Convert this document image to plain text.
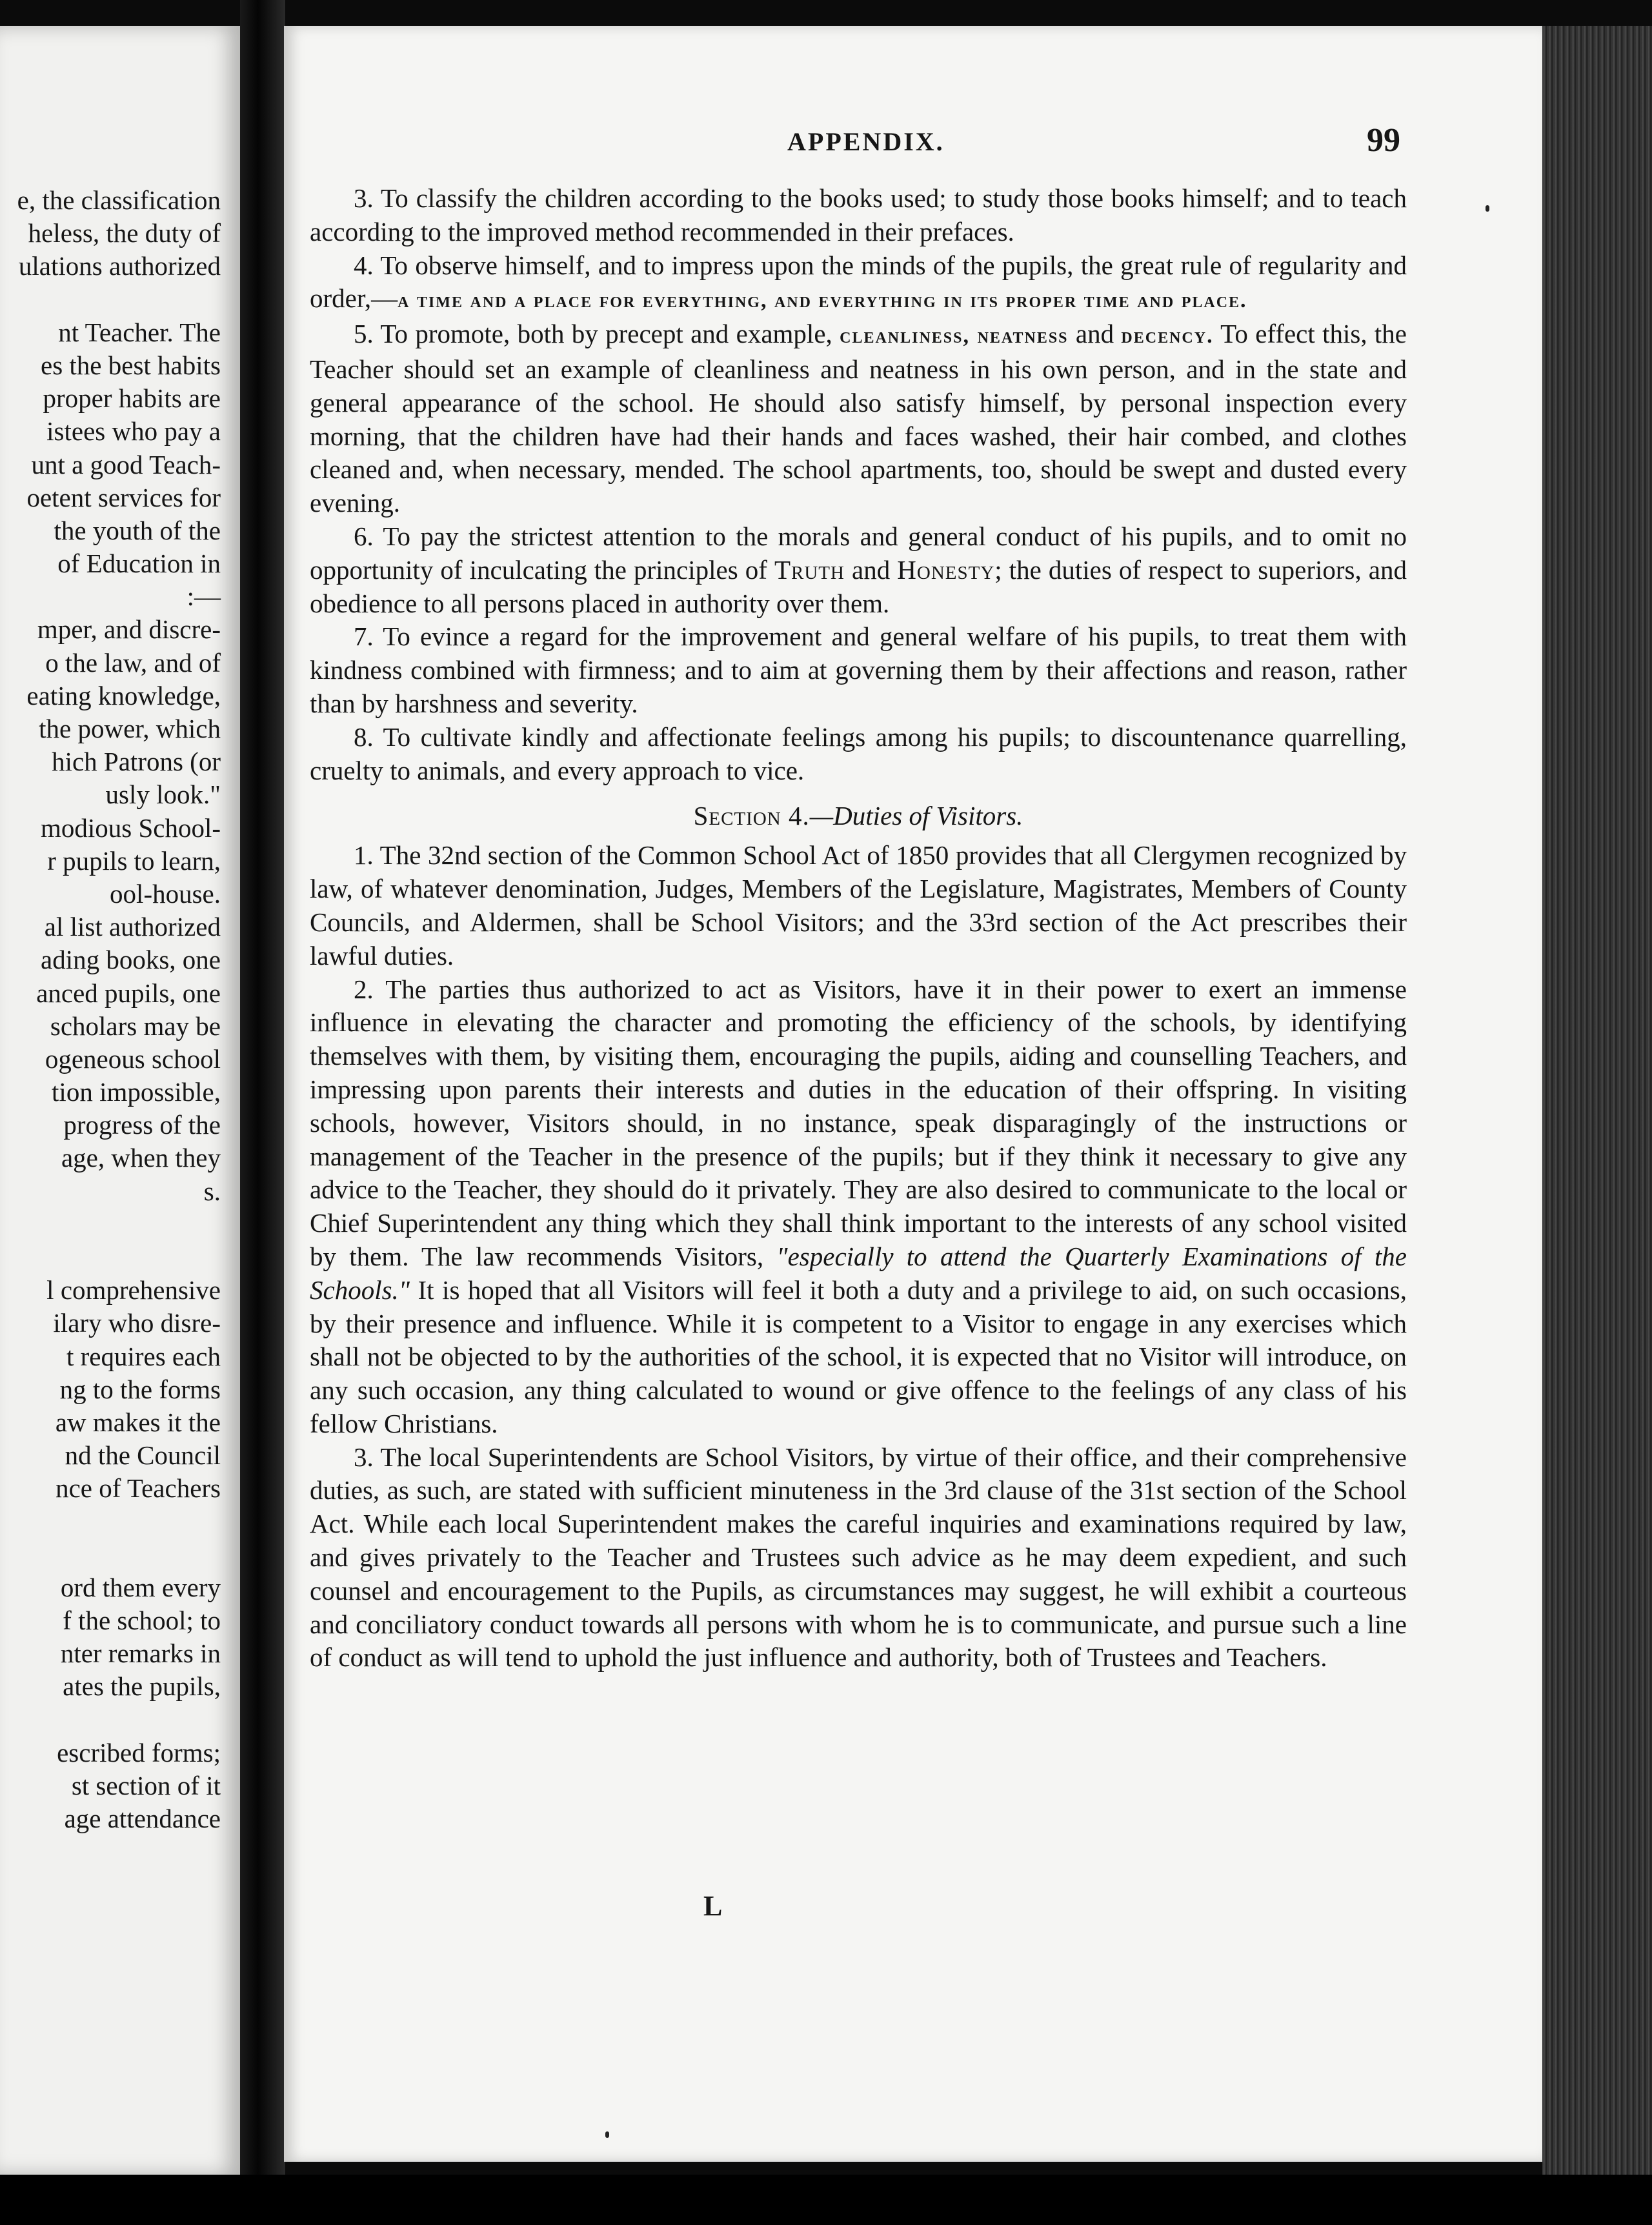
e, the classification
heless, the duty of
ulations authorized
nt Teacher. The
es the best habits
proper habits are
istees who pay a
unt a good Teach-
oetent services for
the youth of the
of Education in
:—
mper, and discre-
o the law, and of
eating knowledge,
the power, which
hich Patrons (or
usly look."
modious School-
r pupils to learn,
ool-house.
al list authorized
ading books, one
anced pupils, one
scholars may be
ogeneous school
tion impossible,
progress of the
age, when they
s.
l comprehensive
ilary who disre-
t requires each
ng to the forms
aw makes it the
nd the Council
nce of Teachers
ord them every
f the school; to
nter remarks in
ates the pupils,
escribed forms;
st section of it
age attendance
APPENDIX.	99

3. To classify the children according to the books used; to study those books himself; and to teach according to the improved method recommended in their prefaces.

4. To observe himself, and to impress upon the minds of the pupils, the great rule of regularity and order,—a time and a place for everything, and everything in its proper time and place.

5. To promote, both by precept and example, cleanliness, neatness and decency. To effect this, the Teacher should set an example of cleanliness and neatness in his own person, and in the state and general appearance of the school. He should also satisfy himself, by personal inspection every morning, that the children have had their hands and faces washed, their hair combed, and clothes cleaned and, when necessary, mended. The school apartments, too, should be swept and dusted every evening.

6. To pay the strictest attention to the morals and general conduct of his pupils, and to omit no opportunity of inculcating the principles of Truth and Honesty; the duties of respect to superiors, and obedience to all persons placed in authority over them.

7. To evince a regard for the improvement and general welfare of his pupils, to treat them with kindness combined with firmness; and to aim at governing them by their affections and reason, rather than by harshness and severity.

8. To cultivate kindly and affectionate feelings among his pupils; to discountenance quarrelling, cruelty to animals, and every approach to vice.

Section 4.—Duties of Visitors.

1. The 32nd section of the Common School Act of 1850 provides that all Clergymen recognized by law, of whatever denomination, Judges, Members of the Legislature, Magistrates, Members of County Councils, and Aldermen, shall be School Visitors; and the 33rd section of the Act prescribes their lawful duties.

2. The parties thus authorized to act as Visitors, have it in their power to exert an immense influence in elevating the character and promoting the efficiency of the schools, by identifying themselves with them, by visiting them, encouraging the pupils, aiding and counselling Teachers, and impressing upon parents their interests and duties in the education of their offspring. In visiting schools, however, Visitors should, in no instance, speak disparagingly of the instructions or management of the Teacher in the presence of the pupils; but if they think it necessary to give any advice to the Teacher, they should do it privately. They are also desired to communicate to the local or Chief Superintendent any thing which they shall think important to the interests of any school visited by them. The law recommends Visitors, "especially to attend the Quarterly Examinations of the Schools." It is hoped that all Visitors will feel it both a duty and a privilege to aid, on such occasions, by their presence and influence. While it is competent to a Visitor to engage in any exercises which shall not be objected to by the authorities of the school, it is expected that no Visitor will introduce, on any such occasion, any thing calculated to wound or give offence to the feelings of any class of his fellow Christians.

3. The local Superintendents are School Visitors, by virtue of their office, and their comprehensive duties, as such, are stated with sufficient minuteness in the 3rd clause of the 31st section of the School Act. While each local Superintendent makes the careful inquiries and examinations required by law, and gives privately to the Teacher and Trustees such advice as he may deem expedient, and such counsel and encouragement to the Pupils, as circumstances may suggest, he will exhibit a courteous and conciliatory conduct towards all persons with whom he is to communicate, and pursue such a line of conduct as will tend to uphold the just influence and authority, both of Trustees and Teachers.

L
